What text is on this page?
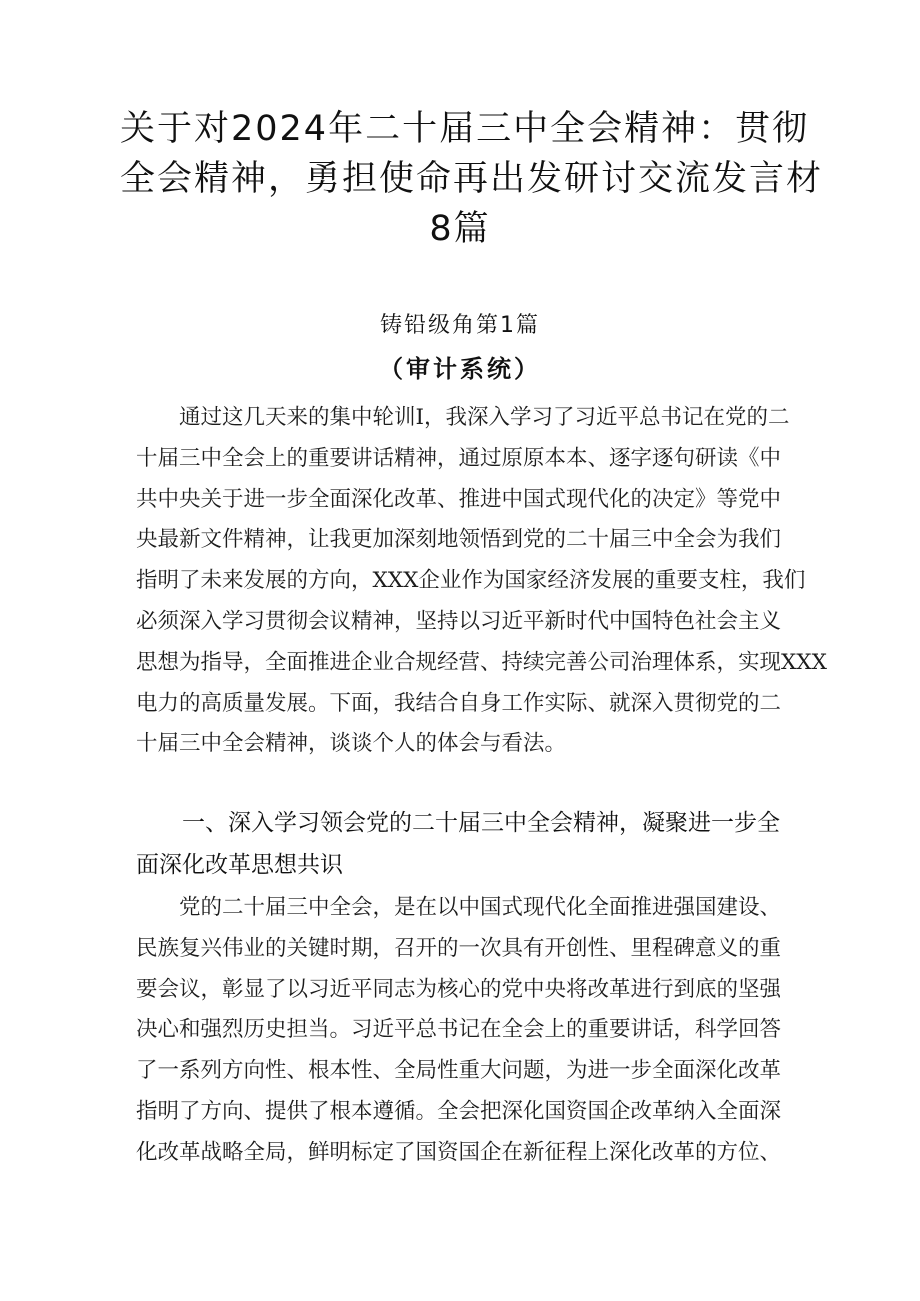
关于对2024年二十届三中全会精神：贯彻
全会精神，勇担使命再出发研讨交流发言材
8篇
铸铅级角第1篇
（审计系统）
　　通过这几天来的集中轮训I，我深入学习了习近平总书记在党的二
十届三中全会上的重要讲话精神，通过原原本本、逐字逐句研读《中
共中央关于进一步全面深化改革、推进中国式现代化的决定》等党中
央最新文件精神，让我更加深刻地领悟到党的二十届三中全会为我们
指明了未来发展的方向，XXX企业作为国家经济发展的重要支柱，我们
必须深入学习贯彻会议精神，坚持以习近平新时代中国特色社会主义
思想为指导，全面推进企业合规经营、持续完善公司治理体系，实现XXX
电力的高质量发展。下面，我结合自身工作实际、就深入贯彻党的二
十届三中全会精神，谈谈个人的体会与看法。
　　一、深入学习领会党的二十届三中全会精神，凝聚进一步全
面深化改革思想共识
　　党的二十届三中全会，是在以中国式现代化全面推进强国建设、
民族复兴伟业的关键时期，召开的一次具有开创性、里程碑意义的重
要会议，彰显了以习近平同志为核心的党中央将改革进行到底的坚强
决心和强烈历史担当。习近平总书记在全会上的重要讲话，科学回答
了一系列方向性、根本性、全局性重大问题，为进一步全面深化改革
指明了方向、提供了根本遵循。全会把深化国资国企改革纳入全面深
化改革战略全局，鲜明标定了国资国企在新征程上深化改革的方位、
